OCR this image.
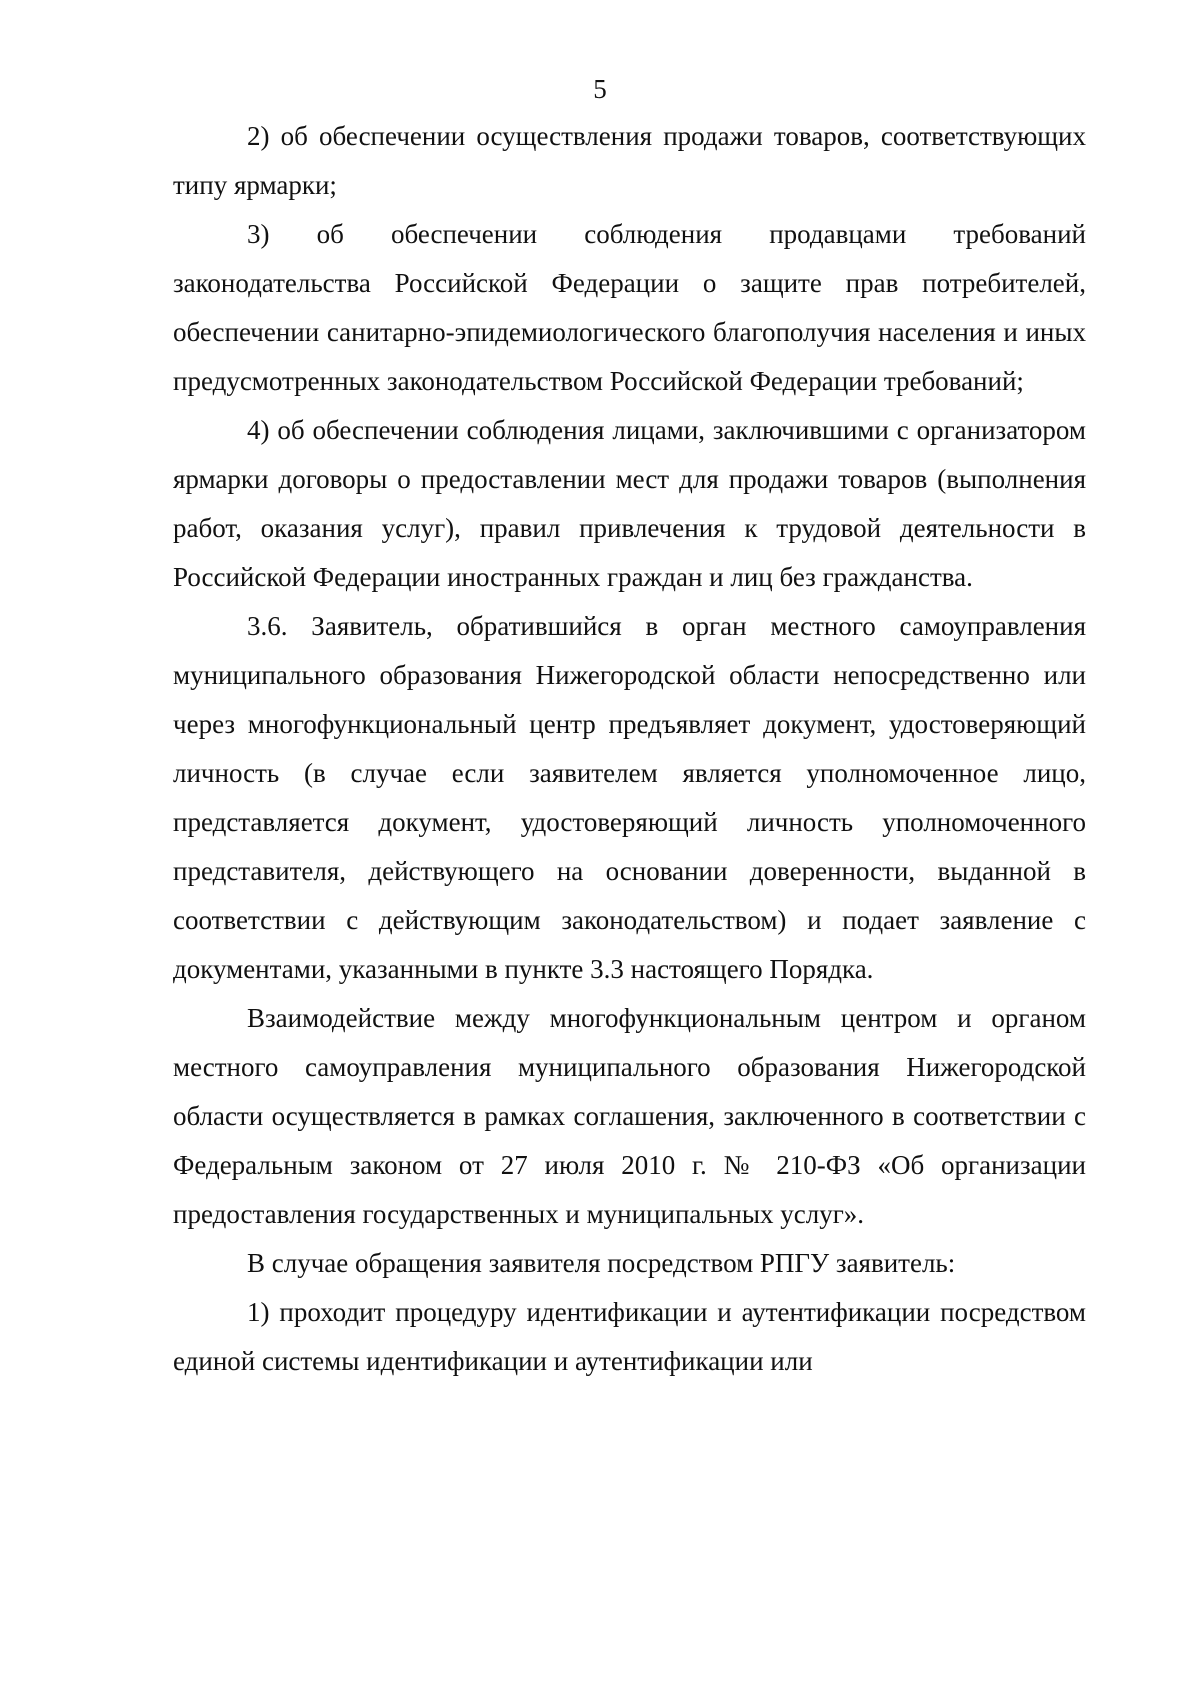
5

2) об обеспечении осуществления продажи товаров, соответствующих типу ярмарки;

3) об обеспечении соблюдения продавцами требований законодательства Российской Федерации о защите прав потребителей, обеспечении санитарно-эпидемиологического благополучия населения и иных предусмотренных законодательством Российской Федерации требований;

4) об обеспечении соблюдения лицами, заключившими с организатором ярмарки договоры о предоставлении мест для продажи товаров (выполнения работ, оказания услуг), правил привлечения к трудовой деятельности в Российской Федерации иностранных граждан и лиц без гражданства.

3.6. Заявитель, обратившийся в орган местного самоуправления муниципального образования Нижегородской области непосредственно или через многофункциональный центр предъявляет документ, удостоверяющий личность (в случае если заявителем является уполномоченное лицо, представляется документ, удостоверяющий личность уполномоченного представителя, действующего на основании доверенности, выданной в соответствии с действующим законодательством) и подает заявление с документами, указанными в пункте 3.3 настоящего Порядка.

Взаимодействие между многофункциональным центром и органом местного самоуправления муниципального образования Нижегородской области осуществляется в рамках соглашения, заключенного в соответствии с Федеральным законом от 27 июля 2010 г. № 210-ФЗ «Об организации предоставления государственных и муниципальных услуг».

В случае обращения заявителя посредством РПГУ заявитель:

1) проходит процедуру идентификации и аутентификации посредством единой системы идентификации и аутентификации или
